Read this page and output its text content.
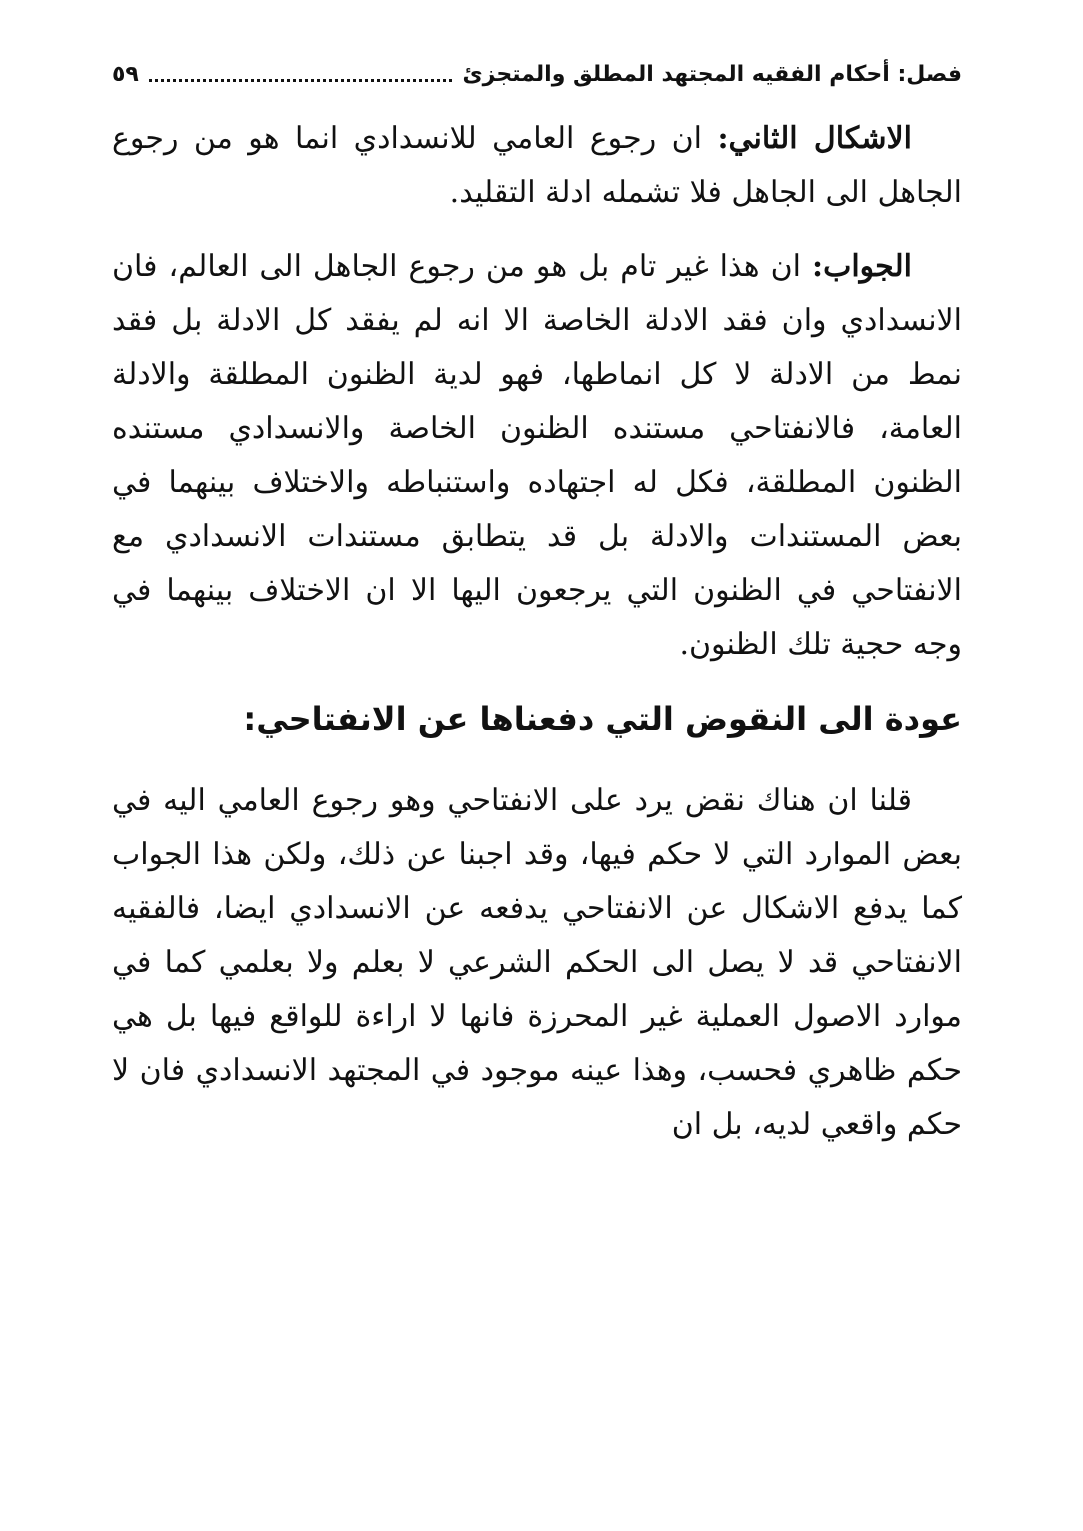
فصل: أحكام الفقيه المجتهد المطلق والمتجزئ
٥٩

الاشكال الثاني: ان رجوع العامي للانسدادي انما هو من رجوع الجاهل الى الجاهل فلا تشمله ادلة التقليد.

الجواب: ان هذا غير تام بل هو من رجوع الجاهل الى العالم، فان الانسدادي وان فقد الادلة الخاصة الا انه لم يفقد كل الادلة بل فقد نمط من الادلة لا كل انماطها، فهو لدية الظنون المطلقة والادلة العامة، فالانفتاحي مستنده الظنون الخاصة والانسدادي مستنده الظنون المطلقة، فكل له اجتهاده واستنباطه والاختلاف بينهما في بعض المستندات والادلة بل قد يتطابق مستندات الانسدادي مع الانفتاحي في الظنون التي يرجعون اليها الا ان الاختلاف بينهما في وجه حجية تلك الظنون.

عودة الى النقوض التي دفعناها عن الانفتاحي:

قلنا ان هناك نقض يرد على الانفتاحي وهو رجوع العامي اليه في بعض الموارد التي لا حكم فيها، وقد اجبنا عن ذلك، ولكن هذا الجواب كما يدفع الاشكال عن الانفتاحي يدفعه عن الانسدادي ايضا، فالفقيه الانفتاحي قد لا يصل الى الحكم الشرعي لا بعلم ولا بعلمي كما في موارد الاصول العملية غير المحرزة فانها لا اراءة للواقع فيها بل هي حكم ظاهري فحسب، وهذا عينه موجود في المجتهد الانسدادي فان لا حكم واقعي لديه، بل ان
